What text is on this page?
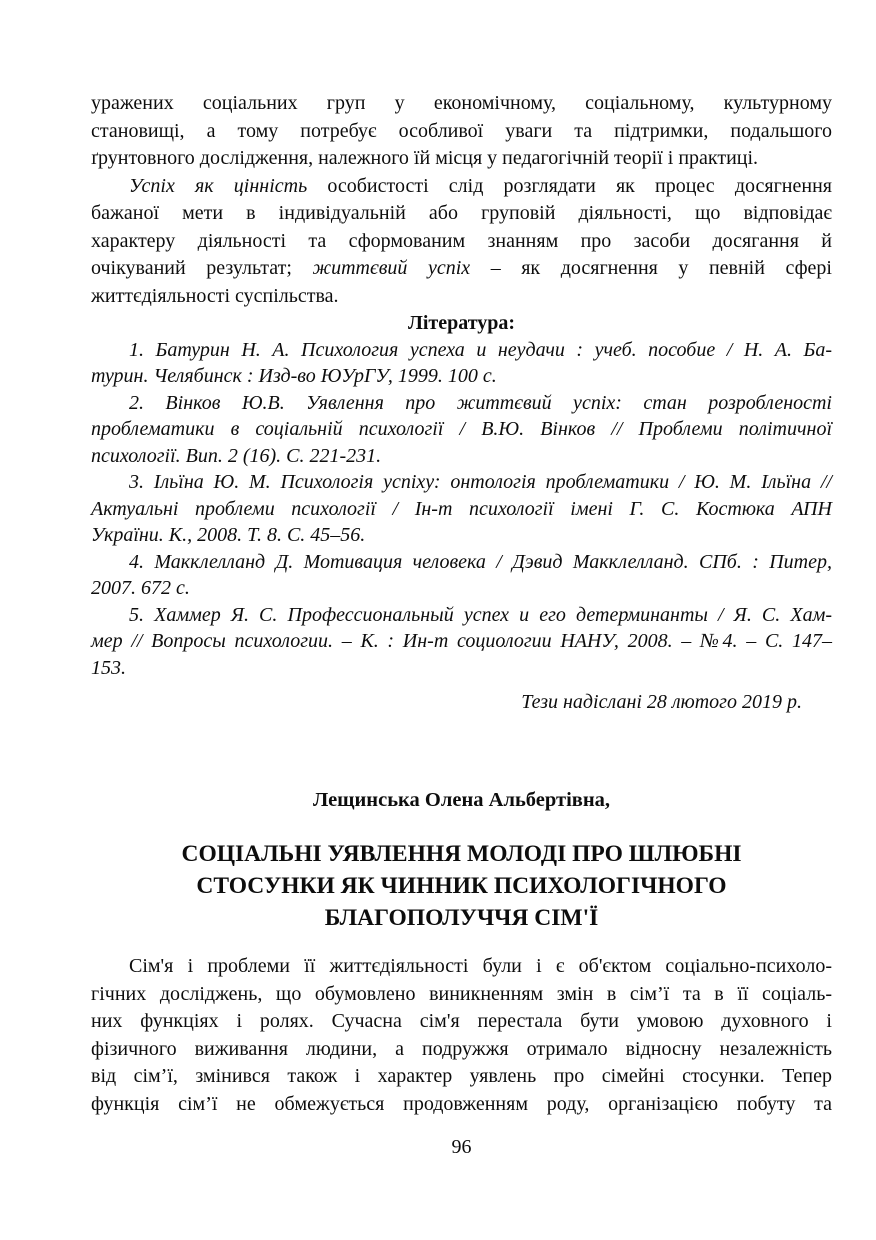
уражених соціальних груп у економічному, соціальному, культурному
становищі, а тому потребує особливої уваги та підтримки, подальшого
ґрунтовного дослідження, належного їй місця у педагогічній теорії і практиці.
Успіх як цінність особистості слід розглядати як процес досягнення
бажаної мети в індивідуальній або груповій діяльності, що відповідає
характеру діяльності та сформованим знанням про засоби досягання й
очікуваний результат; життєвий успіх – як досягнення у певній сфері
життєдіяльності суспільства.
Література:
1. Батурин Н. А. Психология успеха и неудачи : учеб. пособие / Н. А. Ба-
турин. Челябинск : Изд-во ЮУрГУ, 1999. 100 с.
2. Вінков Ю.В. Уявлення про життєвий успіх: стан розробленості
проблематики в соціальній психології / В.Ю. Вінков // Проблеми політичної
психології. Вип. 2 (16). С. 221-231.
3. Ільїна Ю. М. Психологія успіху: онтологія проблематики / Ю. М. Ільїна //
Актуальні проблеми психології / Ін-т психології імені Г. С. Костюка АПН
України. К., 2008. Т. 8. С. 45–56.
4. Макклелланд Д. Мотивация человека / Дэвид Макклелланд. СПб. : Питер,
2007. 672 с.
5. Хаммер Я. С. Профессиональный успех и его детерминанты / Я. С. Хам-
мер // Вопросы психологии. – К. : Ин-т социологии НАНУ, 2008. – №4. – С. 147–
153.
Тези надіслані 28 лютого 2019 р.
Лещинська Олена Альбертівна,
СОЦІАЛЬНІ УЯВЛЕННЯ МОЛОДІ ПРО ШЛЮБНІ
СТОСУНКИ ЯК ЧИННИК ПСИХОЛОГІЧНОГО
БЛАГОПОЛУЧЧЯ СІМ'Ї
Сім'я і проблеми її життєдіяльності були і є об'єктом соціально-психоло-
гічних досліджень, що обумовлено виникненням змін в сім’ї та в її соціаль-
них функціях і ролях. Сучасна сім'я перестала бути умовою духовного і
фізичного виживання людини, а подружжя отримало відносну незалежність
від сім’ї, змінився також і характер уявлень про сімейні стосунки. Тепер
функція сім’ї не обмежується продовженням роду, організацією побуту та
96
